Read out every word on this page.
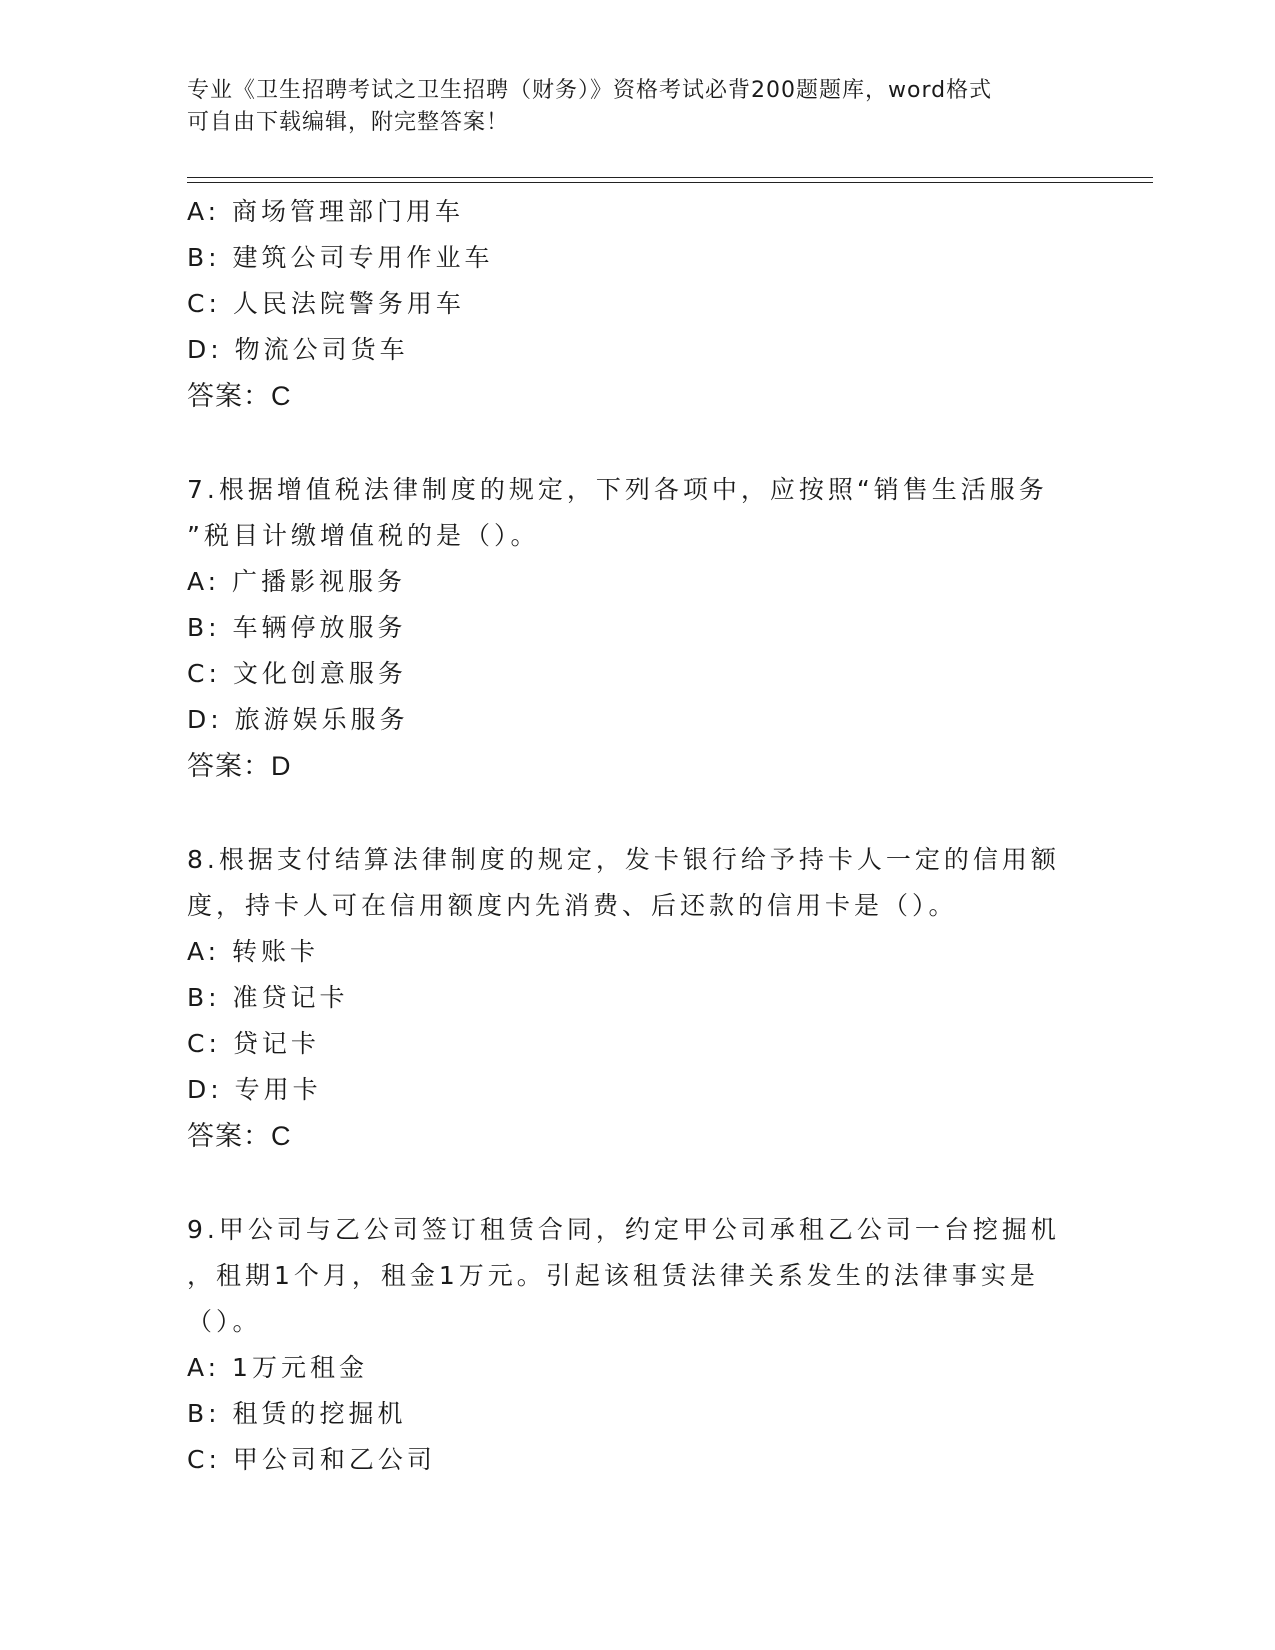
专业《卫生招聘考试之卫生招聘（财务）》资格考试必背200题题库，word格式
可自由下载编辑，附完整答案！
A: 商场管理部门用车
B: 建筑公司专用作业车
C: 人民法院警务用车
D: 物流公司货车
答案：C
7.根据增值税法律制度的规定，下列各项中，应按照“销售生活服务
”税目计缴增值税的是（）。
A: 广播影视服务
B: 车辆停放服务
C: 文化创意服务
D: 旅游娱乐服务
答案：D
8.根据支付结算法律制度的规定，发卡银行给予持卡人一定的信用额
度，持卡人可在信用额度内先消费、后还款的信用卡是（）。
A: 转账卡
B: 准贷记卡
C: 贷记卡
D: 专用卡
答案：C
9.甲公司与乙公司签订租赁合同，约定甲公司承租乙公司一台挖掘机
，租期1个月，租金1万元。引起该租赁法律关系发生的法律事实是
（）。
A: 1万元租金
B: 租赁的挖掘机
C: 甲公司和乙公司
